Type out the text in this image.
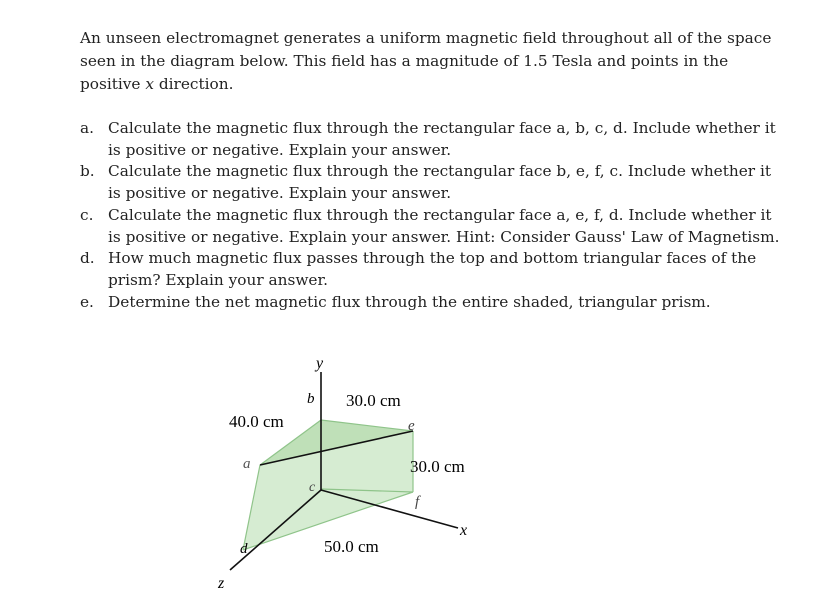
An unseen electromagnet generates a uniform magnetic field throughout all of the space seen in the diagram below. This field has a magnitude of 1.5 Tesla and points in the positive x direction.
a. Calculate the magnetic flux through the rectangular face a, b, c, d. Include whether it is positive or negative. Explain your answer.
b. Calculate the magnetic flux through the rectangular face b, e, f, c. Include whether it is positive or negative. Explain your answer.
c. Calculate the magnetic flux through the rectangular face a, e, f, d. Include whether it is positive or negative. Explain your answer. Hint: Consider Gauss' Law of Magnetism.
d. How much magnetic flux passes through the top and bottom triangular faces of the prism? Explain your answer.
e. Determine the net magnetic flux through the entire shaded, triangular prism.
y
x
z
a
b
c
d
e
f
30.0 cm
40.0 cm
30.0 cm
50.0 cm
